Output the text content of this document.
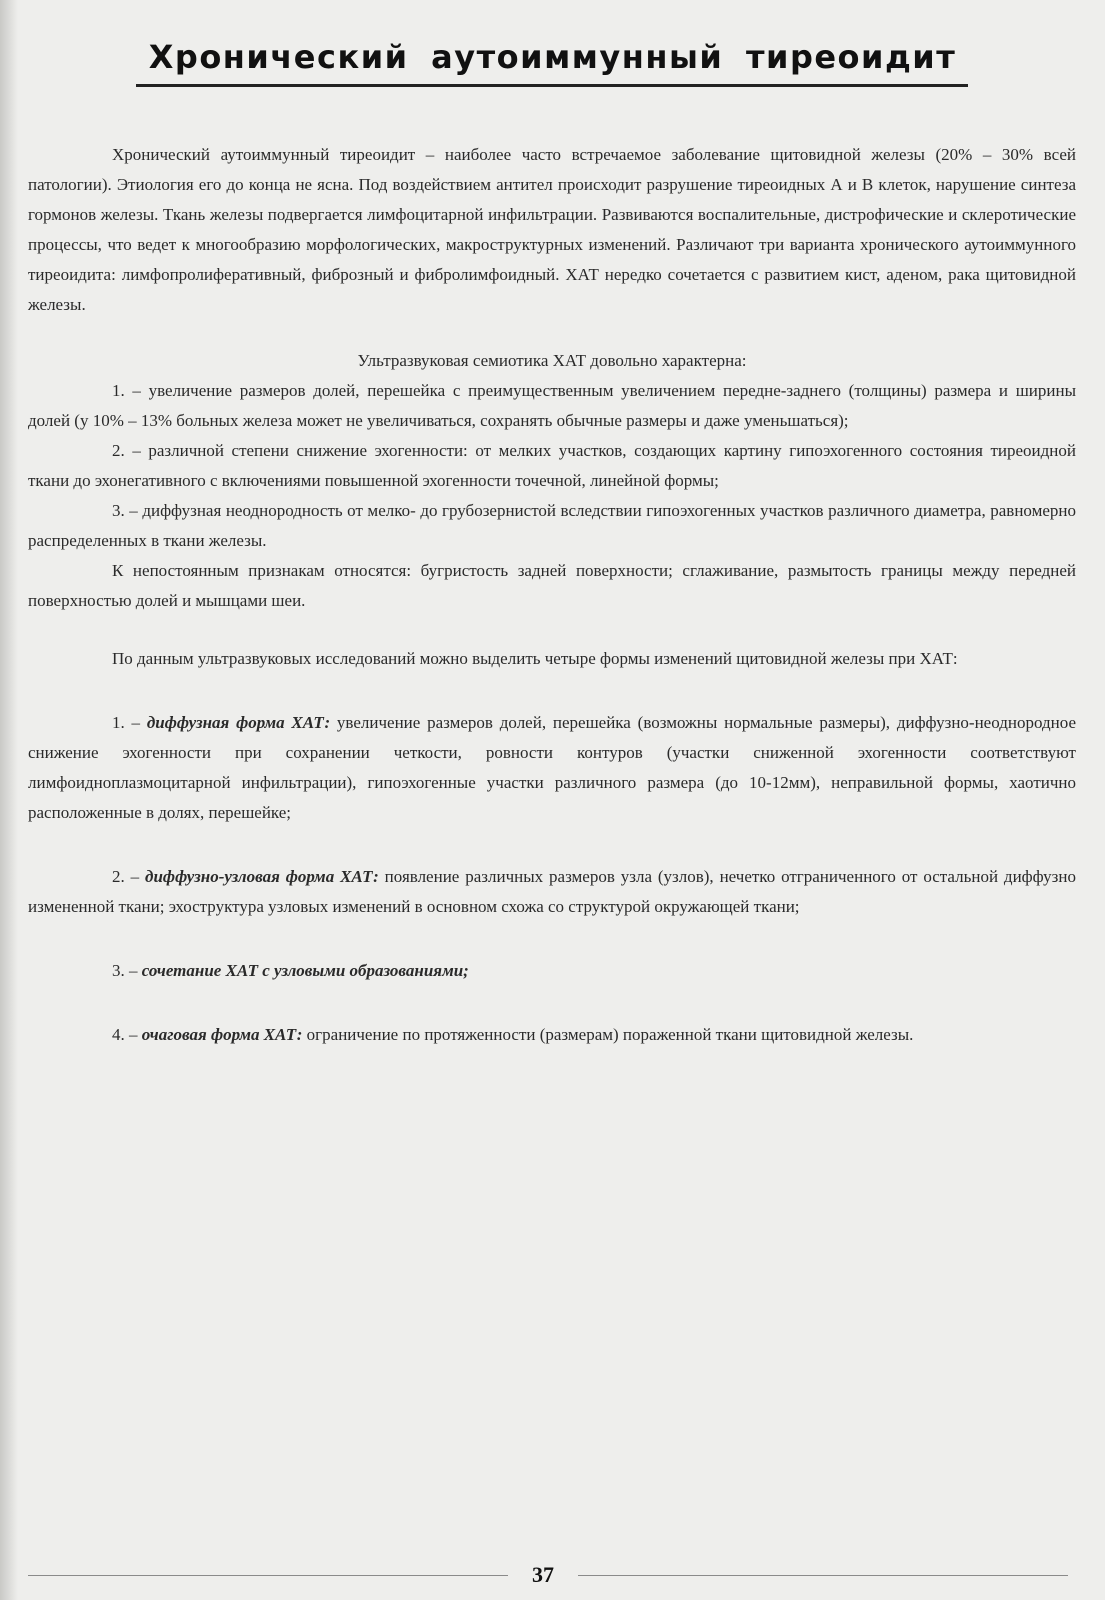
Хронический аутоиммунный тиреоидит

Хронический аутоиммунный тиреоидит – наиболее часто встречаемое заболевание щитовидной железы (20% – 30% всей патологии). Этиология его до конца не ясна. Под воздействием антител происходит разрушение тиреоидных А и В клеток, нарушение синтеза гормонов железы. Ткань железы подвергается лимфоцитарной инфильтрации. Развиваются воспалительные, дистрофические и склеротические процессы, что ведет к многообразию морфологических, макроструктурных изменений. Различают три варианта хронического аутоиммунного тиреоидита: лимфопролиферативный, фиброзный и фибролимфоидный. ХАТ нередко сочетается с развитием кист, аденом, рака щитовидной железы.

Ультразвуковая семиотика ХАТ довольно характерна:

1. – увеличение размеров долей, перешейка с преимущественным увеличением передне-заднего (толщины) размера и ширины долей (у 10% – 13% больных железа может не увеличиваться, сохранять обычные размеры и даже уменьшаться);

2. – различной степени снижение эхогенности: от мелких участков, создающих картину гипоэхогенного состояния тиреоидной ткани до эхонегативного с включениями повышенной эхогенности точечной, линейной формы;

3. – диффузная неоднородность от мелко- до грубозернистой вследствии гипоэхогенных участков различного диаметра, равномерно распределенных в ткани железы.

К непостоянным признакам относятся: бугристость задней поверхности; сглаживание, размытость границы между передней поверхностью долей и мышцами шеи.

По данным ультразвуковых исследований можно выделить четыре формы изменений щитовидной железы при ХАТ:

1. – диффузная форма ХАТ: увеличение размеров долей, перешейка (возможны нормальные размеры), диффузно-неоднородное снижение эхогенности при сохранении четкости, ровности контуров (участки сниженной эхогенности соответствуют лимфоидноплазмоцитарной инфильтрации), гипоэхогенные участки различного размера (до 10-12мм), неправильной формы, хаотично расположенные в долях, перешейке;

2. – диффузно-узловая форма ХАТ: появление различных размеров узла (узлов), нечетко отграниченного от остальной диффузно измененной ткани; эхоструктура узловых изменений в основном схожа со структурой окружающей ткани;

3. – сочетание ХАТ с узловыми образованиями;

4. – очаговая форма ХАТ: ограничение по протяженности (размерам) пораженной ткани щитовидной железы.

37
